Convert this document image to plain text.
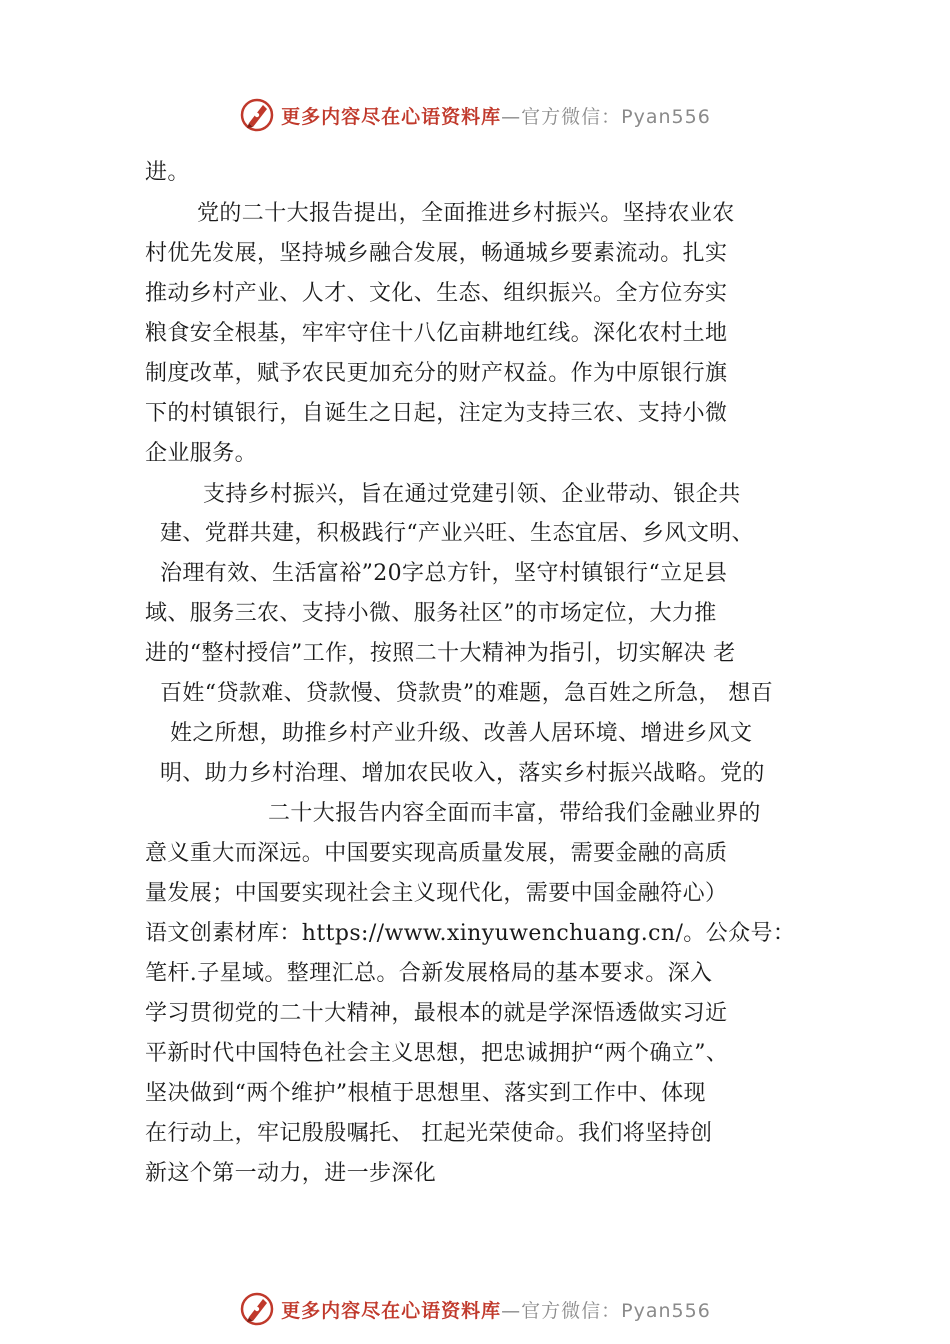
更多内容尽在心语资料库 —官方微信：Pyan556
进。
党的二十大报告提出，全面推进乡村振兴。坚持农业农
村优先发展，坚持城乡融合发展，畅通城乡要素流动。扎实
推动乡村产业、人才、文化、生态、组织振兴。全方位夯实
粮食安全根基，牢牢守住十八亿亩耕地红线。深化农村土地
制度改革，赋予农民更加充分的财产权益。作为中原银行旗
下的村镇银行，自诞生之日起，注定为支持三农、支持小微
企业服务。
支持乡村振兴，旨在通过党建引领、企业带动、银企共
建、党群共建，积极践行“产业兴旺、生态宜居、乡风文明、
治理有效、生活富裕”20字总方针，坚守村镇银行“立足县
域、服务三农、支持小微、服务社区”的市场定位，大力推
进的“整村授信”工作，按照二十大精神为指引，切实解决 老
百姓“贷款难、贷款慢、贷款贵”的难题，急百姓之所急， 想百
姓之所想，助推乡村产业升级、改善人居环境、增进乡风文
明、助力乡村治理、增加农民收入，落实乡村振兴战略。党的
二十大报告内容全面而丰富，带给我们金融业界的
意义重大而深远。中国要实现高质量发展，需要金融的高质
量发展；中国要实现社会主义现代化，需要中国金融符心）
语文创素材库：https://www.xinyuwenchuang.cn/。公众号：
笔杆.子星域。整理汇总。合新发展格局的基本要求。深入
学习贯彻党的二十大精神，最根本的就是学深悟透做实习近
平新时代中国特色社会主义思想，把忠诚拥护“两个确立”、
坚决做到“两个维护”根植于思想里、落实到工作中、体现
在行动上，牢记殷殷嘱托、 扛起光荣使命。我们将坚持创
新这个第一动力，进一步深化
更多内容尽在心语资料库 —官方微信：Pyan556
